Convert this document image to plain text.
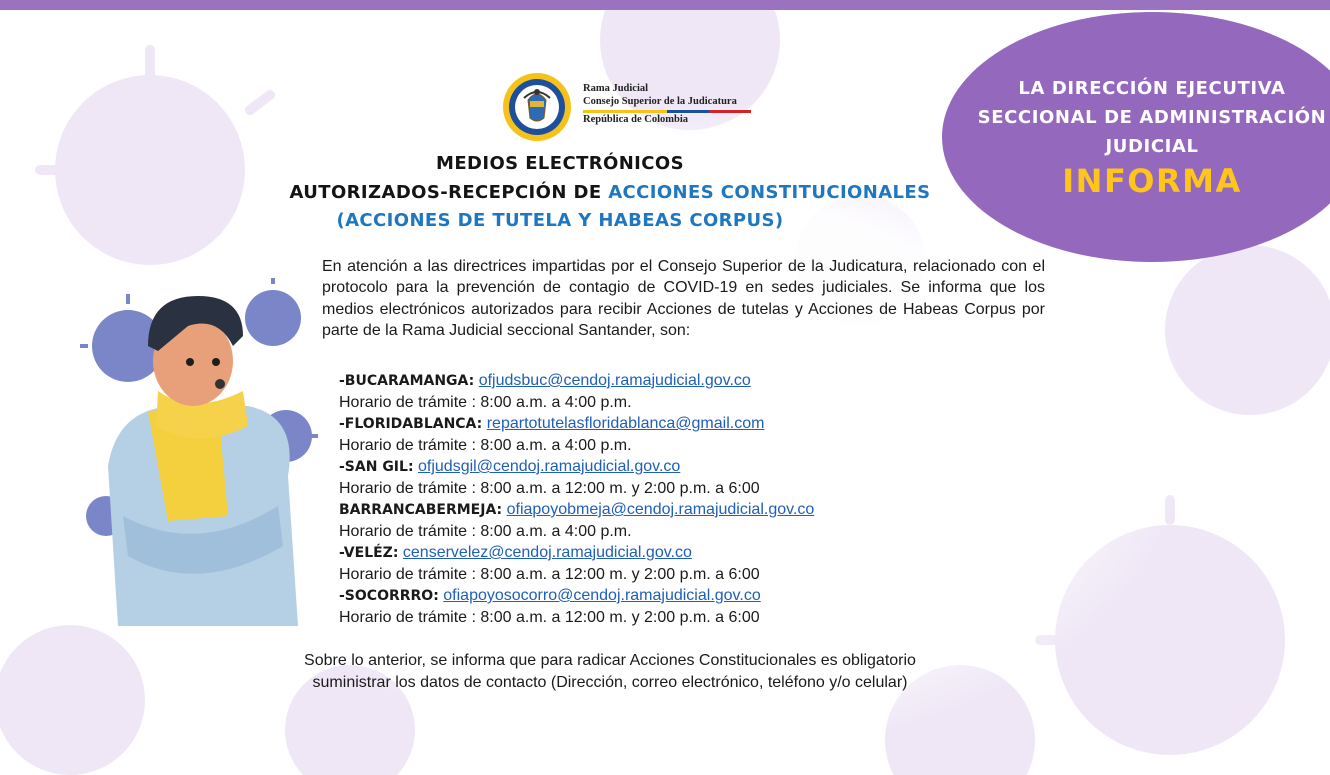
LA DIRECCIÓN EJECUTIVA
SECCIONAL DE ADMINISTRACIÓN
JUDICIAL
INFORMA
Rama Judicial
Consejo Superior de la Judicatura
República de Colombia
MEDIOS ELECTRÓNICOS
AUTORIZADOS-RECEPCIÓN DE ACCIONES CONSTITUCIONALES
(ACCIONES DE TUTELA Y HABEAS CORPUS)
En atención a las directrices impartidas por el Consejo Superior de la Judicatura, relacionado con el protocolo para la prevención de contagio de COVID-19 en sedes judiciales. Se informa que los medios electrónicos autorizados para recibir Acciones de tutelas y Acciones de Habeas Corpus por parte de la Rama Judicial seccional Santander, son:
-BUCARAMANGA: ofjudsbuc@cendoj.ramajudicial.gov.co
Horario de trámite : 8:00 a.m. a 4:00 p.m.
-FLORIDABLANCA: repartotutelasfloridablanca@gmail.com
Horario de trámite : 8:00 a.m. a 4:00 p.m.
-SAN GIL: ofjudsgil@cendoj.ramajudicial.gov.co
Horario de trámite : 8:00 a.m. a 12:00 m. y 2:00 p.m. a 6:00
BARRANCABERMEJA: ofiapoyobmeja@cendoj.ramajudicial.gov.co
Horario de trámite : 8:00 a.m. a 4:00 p.m.
-VELÉZ: censervelez@cendoj.ramajudicial.gov.co
Horario de trámite : 8:00 a.m. a 12:00 m. y 2:00 p.m. a 6:00
-SOCORRRO: ofiapoyosocorro@cendoj.ramajudicial.gov.co
Horario de trámite : 8:00 a.m. a 12:00 m. y 2:00 p.m. a 6:00
Sobre lo anterior, se informa que para radicar Acciones Constitucionales es obligatorio
suministrar los datos de contacto (Dirección, correo electrónico, teléfono y/o celular)
